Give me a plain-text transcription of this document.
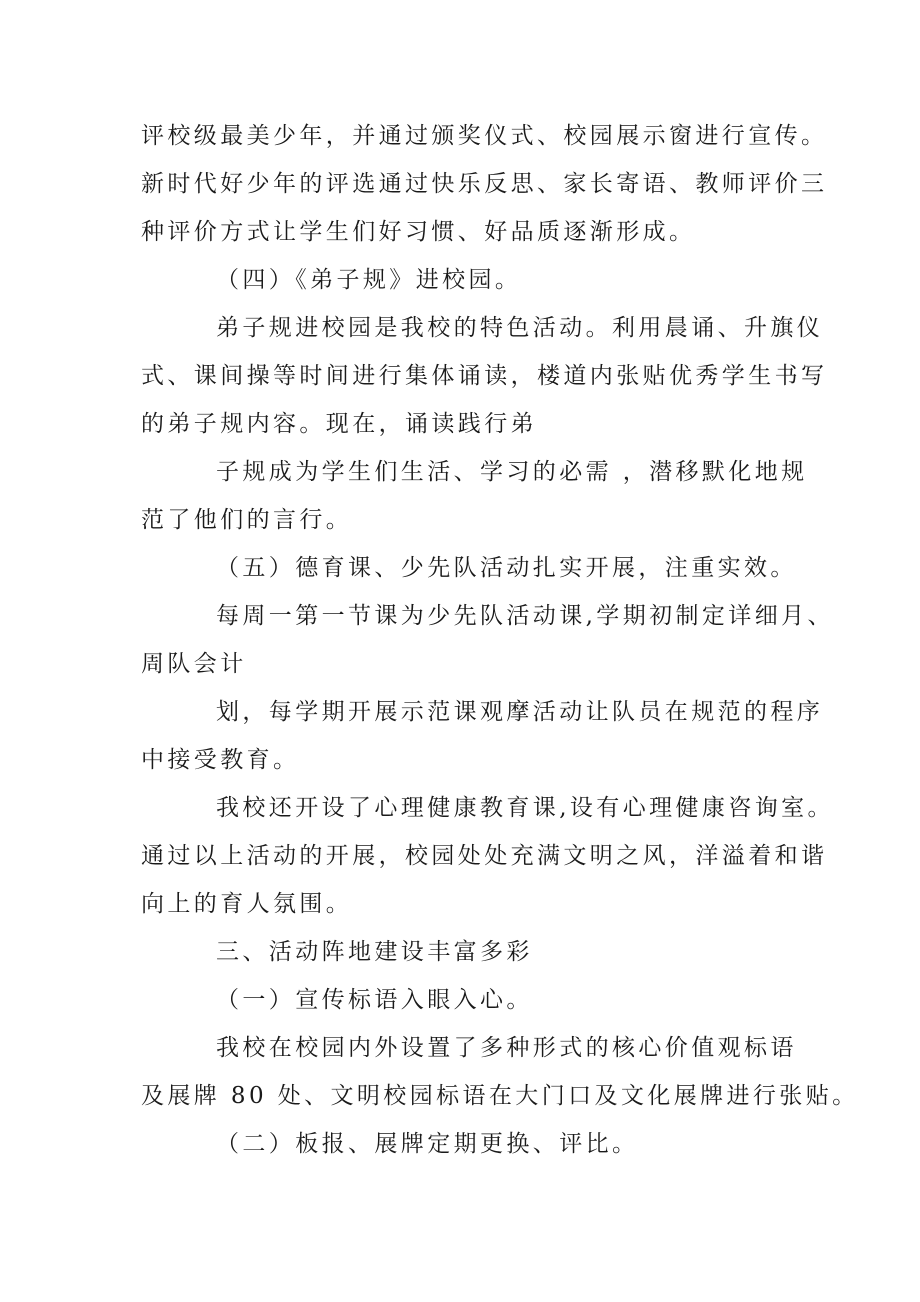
评校级最美少年，并通过颁奖仪式、校园展示窗进行宣传。
新时代好少年的评选通过快乐反思、家长寄语、教师评价三
种评价方式让学生们好习惯、好品质逐渐形成。
（四）《弟子规》进校园。
弟子规进校园是我校的特色活动。利用晨诵、升旗仪
式、课间操等时间进行集体诵读，楼道内张贴优秀学生书写
的弟子规内容。现在，诵读践行弟
子规成为学生们生活、学习的必需 ，潜移默化地规
范了他们的言行。
（五）德育课、少先队活动扎实开展，注重实效。
每周一第一节课为少先队活动课,学期初制定详细月、
周队会计
划，每学期开展示范课观摩活动让队员在规范的程序
中接受教育。
我校还开设了心理健康教育课,设有心理健康咨询室。
通过以上活动的开展，校园处处充满文明之风，洋溢着和谐
向上的育人氛围。
三、活动阵地建设丰富多彩
（一）宣传标语入眼入心。
我校在校园内外设置了多种形式的核心价值观标语
及展牌 80 处、文明校园标语在大门口及文化展牌进行张贴。
（二）板报、展牌定期更换、评比。
